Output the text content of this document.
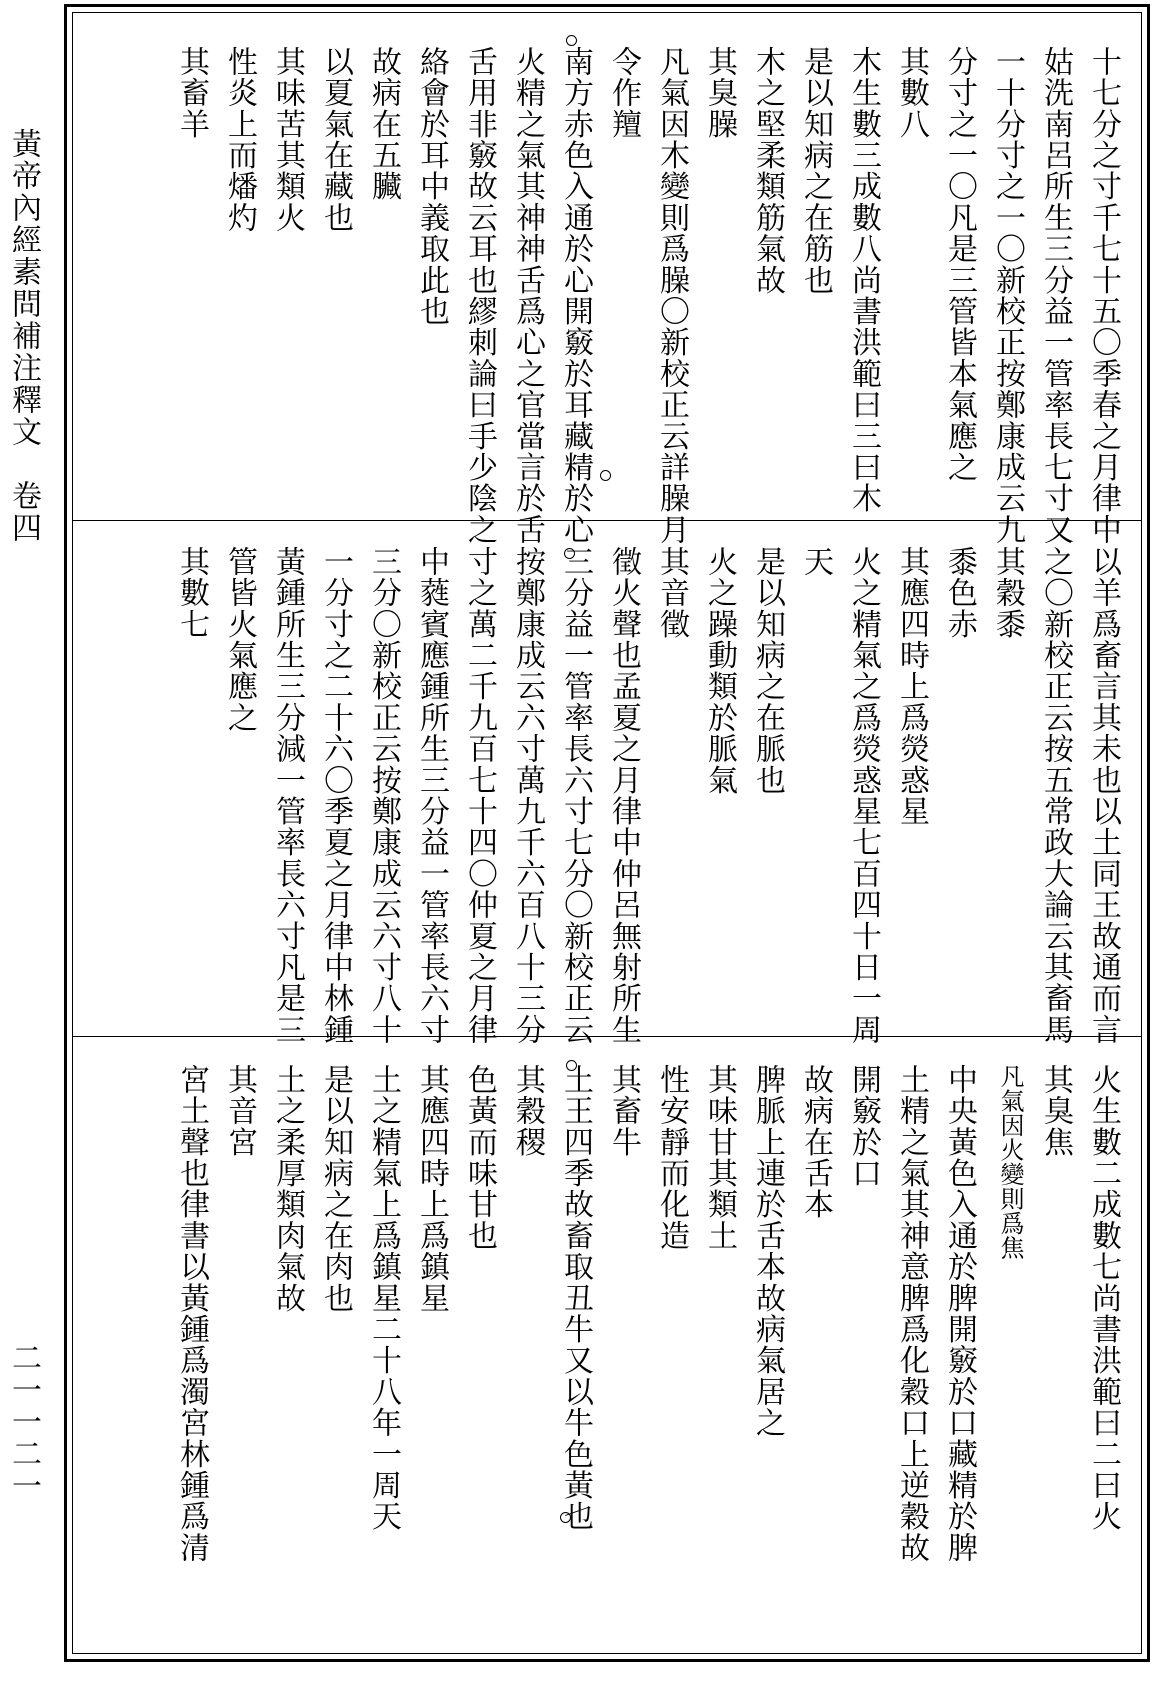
黃帝內經素問補注釋文　卷四
二一一二一
十七分之寸千七十五〇季春之月律中
姑洗南呂所生三分益一管率長七寸又
一十分寸之一〇新校正按鄭康成云九
分寸之一〇凡是三管皆本氣應之
其數八
木生數三成數八尚書洪範曰三曰木
是以知病之在筋也
木之堅柔類筋氣故
其臭臊
凡氣因木變則爲臊〇新校正云詳臊月
令作羶
南方赤色入通於心開竅於耳藏精於心
火精之氣其神神舌爲心之官當言於舌
舌用非竅故云耳也繆刺論曰手少陰之
絡會於耳中義取此也
故病在五臟
以夏氣在藏也
其味苦其類火
性炎上而燔灼
其畜羊
以羊爲畜言其未也以土同王故通而言
之〇新校正云按五常政大論云其畜馬
其穀黍
黍色赤
其應四時上爲熒惑星
火之精氣之爲熒惑星七百四十日一周
天
是以知病之在脈也
火之躁動類於脈氣
其音徵
徵火聲也孟夏之月律中仲呂無射所生
三分益一管率長六寸七分〇新校正云
按鄭康成云六寸萬九千六百八十三分
寸之萬二千九百七十四〇仲夏之月律
中蕤賓應鍾所生三分益一管率長六寸
三分〇新校正云按鄭康成云六寸八十
一分寸之二十六〇季夏之月律中林鍾
黃鍾所生三分減一管率長六寸凡是三
管皆火氣應之
其數七
火生數二成數七尚書洪範曰二曰火
其臭焦
凡氣因火變則爲焦
中央黃色入通於脾開竅於口藏精於脾
土精之氣其神意脾爲化穀口上逆穀故
開竅於口
故病在舌本
脾脈上連於舌本故病氣居之
其味甘其類土
性安靜而化造
其畜牛
土王四季故畜取丑牛又以牛色黃也
其穀稷
色黃而味甘也
其應四時上爲鎮星
土之精氣上爲鎮星二十八年一周天
是以知病之在肉也
土之柔厚類肉氣故
其音宮
宮土聲也律書以黃鍾爲濁宮林鍾爲清
